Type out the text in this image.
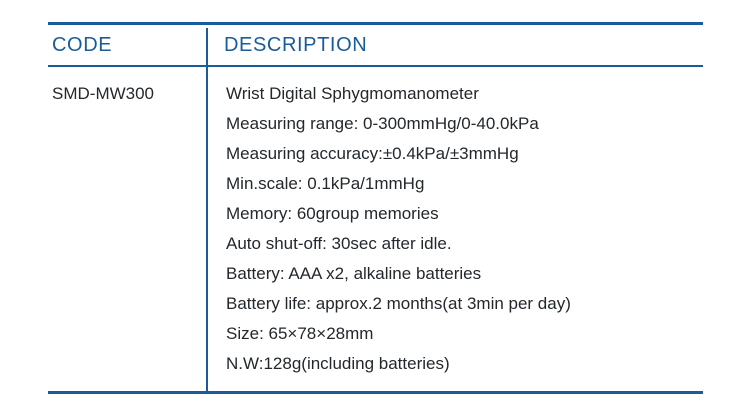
CODE	DESCRIPTION
SMD-MW300	Wrist Digital Sphygmomanometer
Measuring range: 0-300mmHg/0-40.0kPa
Measuring accuracy:±0.4kPa/±3mmHg
Min.scale: 0.1kPa/1mmHg
Memory: 60group memories
Auto shut-off: 30sec after idle.
Battery: AAA x2, alkaline batteries
Battery life: approx.2 months(at 3min per day)
Size: 65×78×28mm
N.W:128g(including batteries)
